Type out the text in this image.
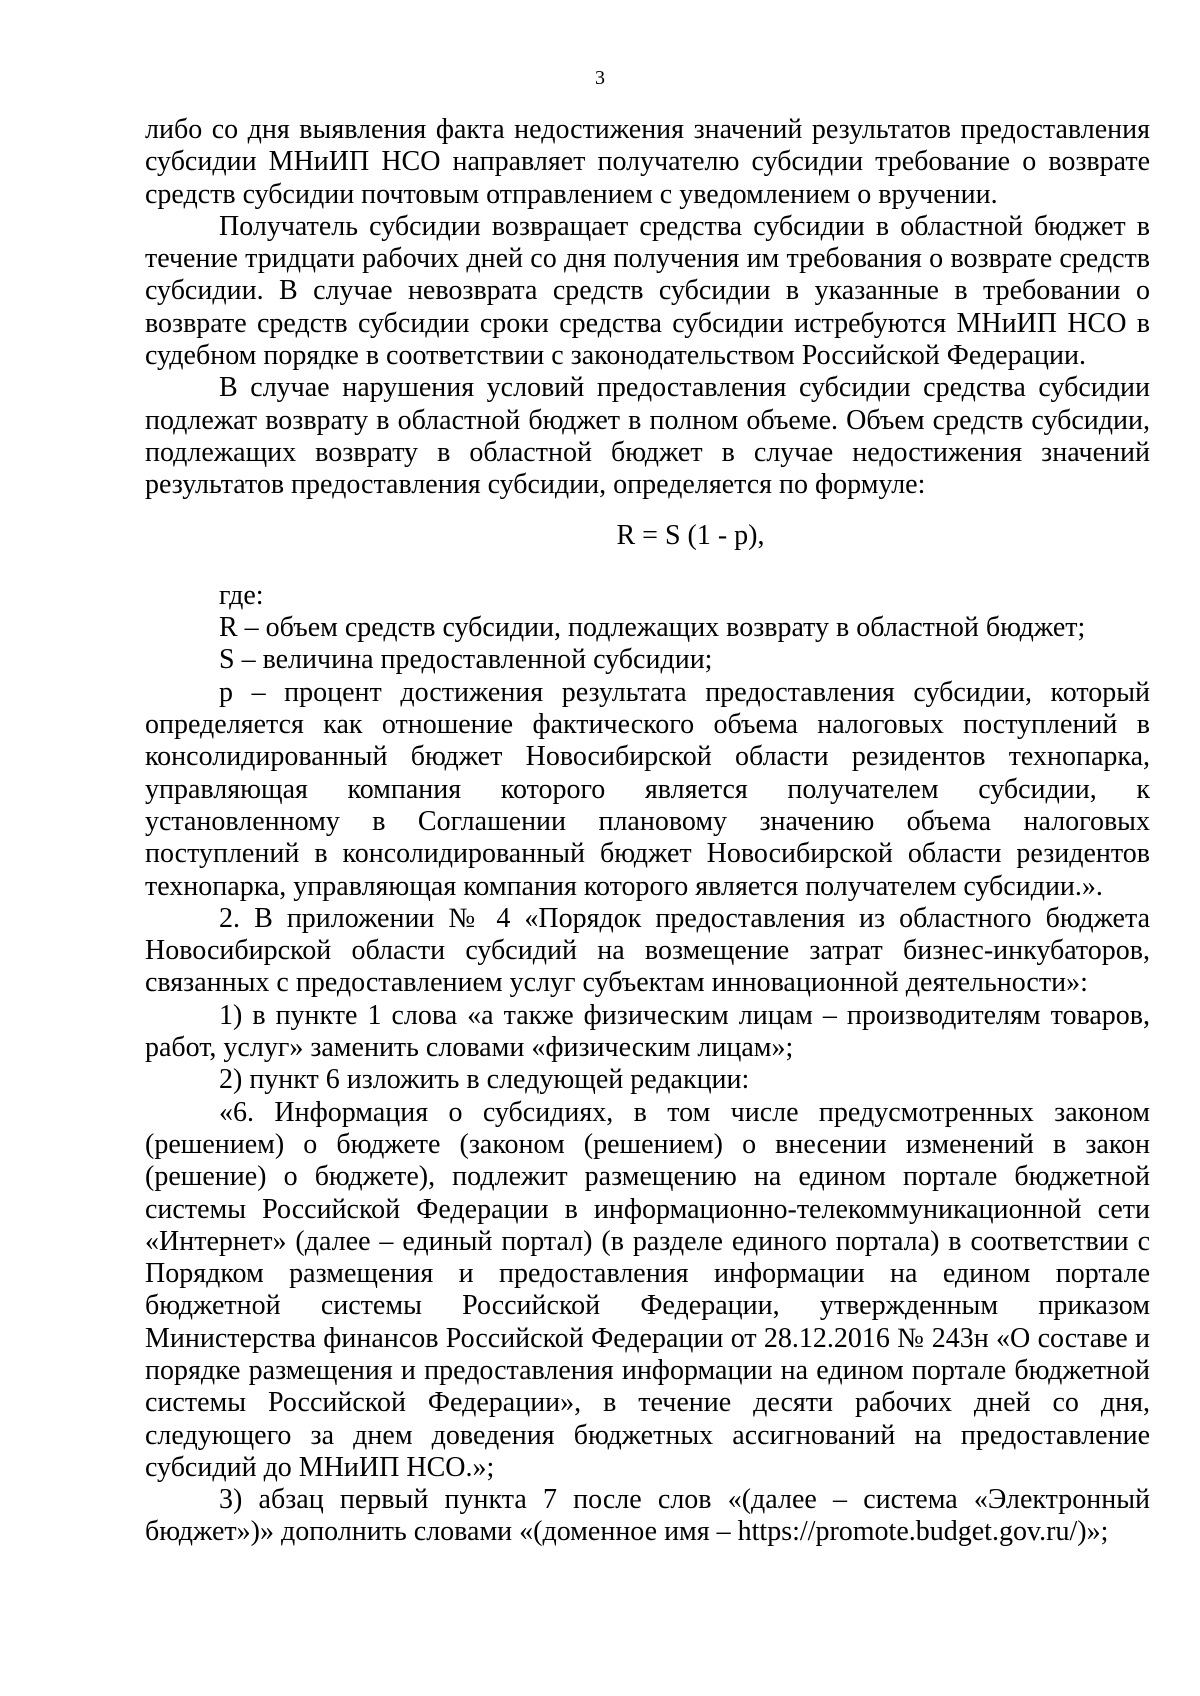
3

либо со дня выявления факта недостижения значений результатов предоставления субсидии МНиИП НСО направляет получателю субсидии требование о возврате средств субсидии почтовым отправлением с уведомлением о вручении.

Получатель субсидии возвращает средства субсидии в областной бюджет в течение тридцати рабочих дней со дня получения им требования о возврате средств субсидии. В случае невозврата средств субсидии в указанные в требовании о возврате средств субсидии сроки средства субсидии истребуются МНиИП НСО в судебном порядке в соответствии с законодательством Российской Федерации.

В случае нарушения условий предоставления субсидии средства субсидии подлежат возврату в областной бюджет в полном объеме. Объем средств субсидии, подлежащих возврату в областной бюджет в случае недостижения значений результатов предоставления субсидии, определяется по формуле:

R = S (1 - p),

где:

R – объем средств субсидии, подлежащих возврату в областной бюджет;

S – величина предоставленной субсидии;

p – процент достижения результата предоставления субсидии, который определяется как отношение фактического объема налоговых поступлений в консолидированный бюджет Новосибирской области резидентов технопарка, управляющая компания которого является получателем субсидии, к установленному в Соглашении плановому значению объема налоговых поступлений в консолидированный бюджет Новосибирской области резидентов технопарка, управляющая компания которого является получателем субсидии.».

2. В приложении № 4 «Порядок предоставления из областного бюджета Новосибирской области субсидий на возмещение затрат бизнес-инкубаторов, связанных с предоставлением услуг субъектам инновационной деятельности»:

1) в пункте 1 слова «а также физическим лицам – производителям товаров, работ, услуг» заменить словами «физическим лицам»;

2) пункт 6 изложить в следующей редакции:

«6. Информация о субсидиях, в том числе предусмотренных законом (решением) о бюджете (законом (решением) о внесении изменений в закон (решение) о бюджете), подлежит размещению на едином портале бюджетной системы Российской Федерации в информационно-телекоммуникационной сети «Интернет» (далее – единый портал) (в разделе единого портала) в соответствии с Порядком размещения и предоставления информации на едином портале бюджетной системы Российской Федерации, утвержденным приказом Министерства финансов Российской Федерации от 28.12.2016 № 243н «О составе и порядке размещения и предоставления информации на едином портале бюджетной системы Российской Федерации», в течение десяти рабочих дней со дня, следующего за днем доведения бюджетных ассигнований на предоставление субсидий до МНиИП НСО.»;

3) абзац первый пункта 7 после слов «(далее – система «Электронный бюджет»)» дополнить словами «(доменное имя – https://promote.budget.gov.ru/)»;
